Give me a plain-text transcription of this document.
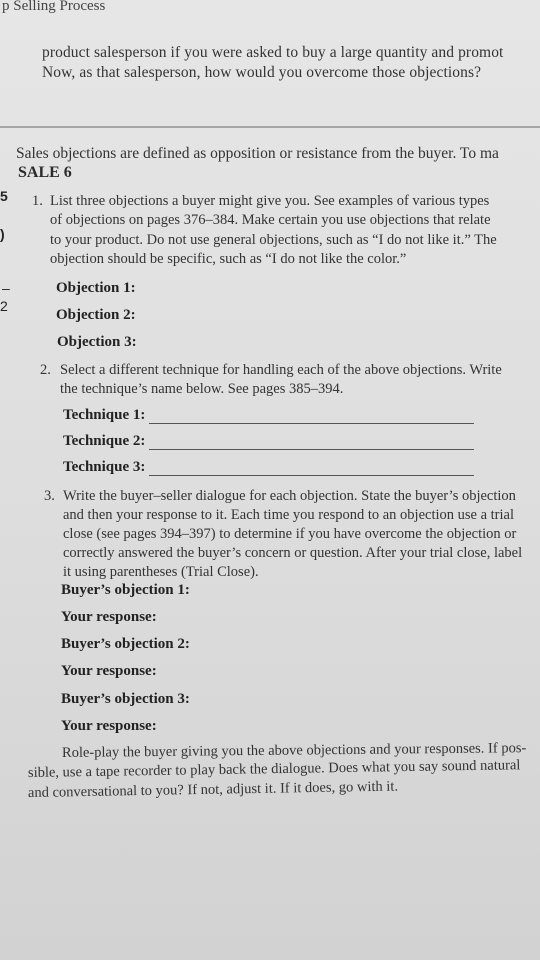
p Selling Process
product salesperson if you were asked to buy a large quantity and promot
Now, as that salesperson, how would you overcome those objections?
Sales objections are defined as opposition or resistance from the buyer. To ma
SALE 6
5
)
–
2
1. List three objections a buyer might give you. See examples of various types
of objections on pages 376–384. Make certain you use objections that relate
to your product. Do not use general objections, such as “I do not like it.” The
objection should be specific, such as “I do not like the color.”
Objection 1:
Objection 2:
Objection 3:
2. Select a different technique for handling each of the above objections. Write
the technique’s name below. See pages 385–394.
Technique 1:
Technique 2:
Technique 3:
3. Write the buyer–seller dialogue for each objection. State the buyer’s objection
and then your response to it. Each time you respond to an objection use a trial
close (see pages 394–397) to determine if you have overcome the objection or
correctly answered the buyer’s concern or question. After your trial close, label
it using parentheses (Trial Close).
Buyer’s objection 1:
Your response:
Buyer’s objection 2:
Your response:
Buyer’s objection 3:
Your response:
Role-play the buyer giving you the above objections and your responses. If pos-
sible, use a tape recorder to play back the dialogue. Does what you say sound natural
and conversational to you? If not, adjust it. If it does, go with it.
